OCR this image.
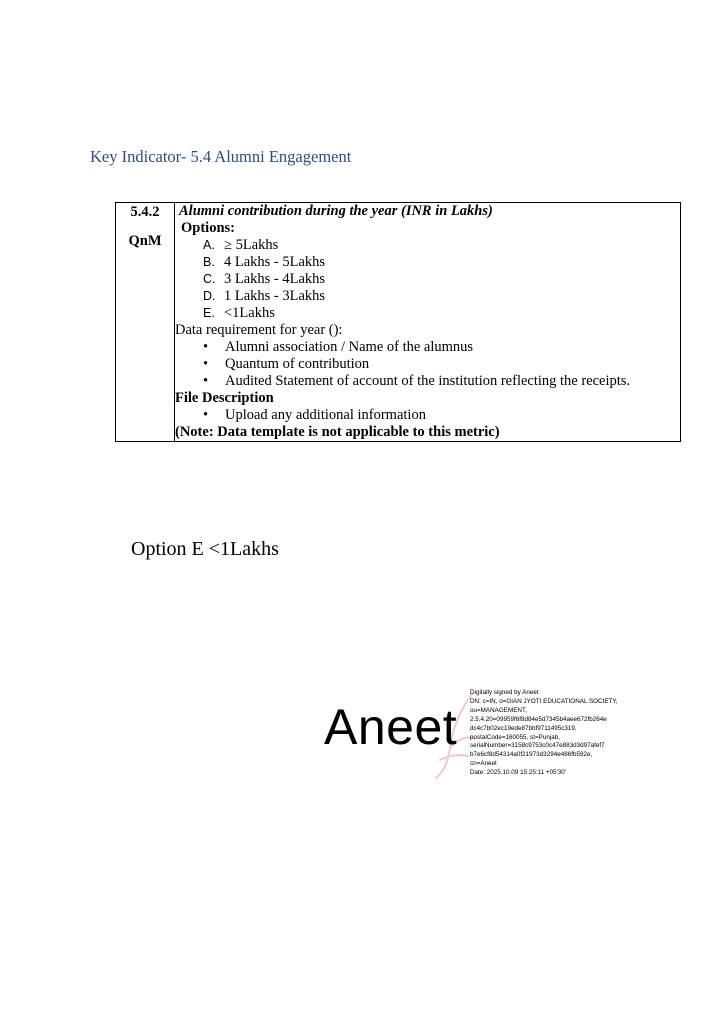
Key Indicator- 5.4 Alumni Engagement
5.4.2
QnM

Alumni contribution during the year (INR in Lakhs)
Options:
A. ≥ 5Lakhs
B. 4 Lakhs - 5Lakhs
C. 3 Lakhs - 4Lakhs
D. 1 Lakhs - 3Lakhs
E. <1Lakhs
Data requirement for year ():
•	Alumni association / Name of the alumnus
•	Quantum of contribution
•	Audited Statement of account of the institution reflecting the receipts.
File Description
•	Upload any additional information
(Note: Data template is not applicable to this metric)
Option E <1Lakhs
Aneet
Digitally signed by Aneet
DN: c=IN, o=GIAN JYOTI EDUCATIONAL SOCIETY,
ou=MANAGEMENT,
2.5.4.20=09959f6f8d84e5d7345b4aee672fb264e
dc4c7b02ec19ede87bbf9711495c319,
postalCode=160055, st=Punjab,
serialNumber=3158c9753c0c47e883d3d97afef7
b7e6cf8d54314a0f21973d3294e486fb592e,
cn=Aneet
Date: 2025.10.09 15:25:11 +05'30'
